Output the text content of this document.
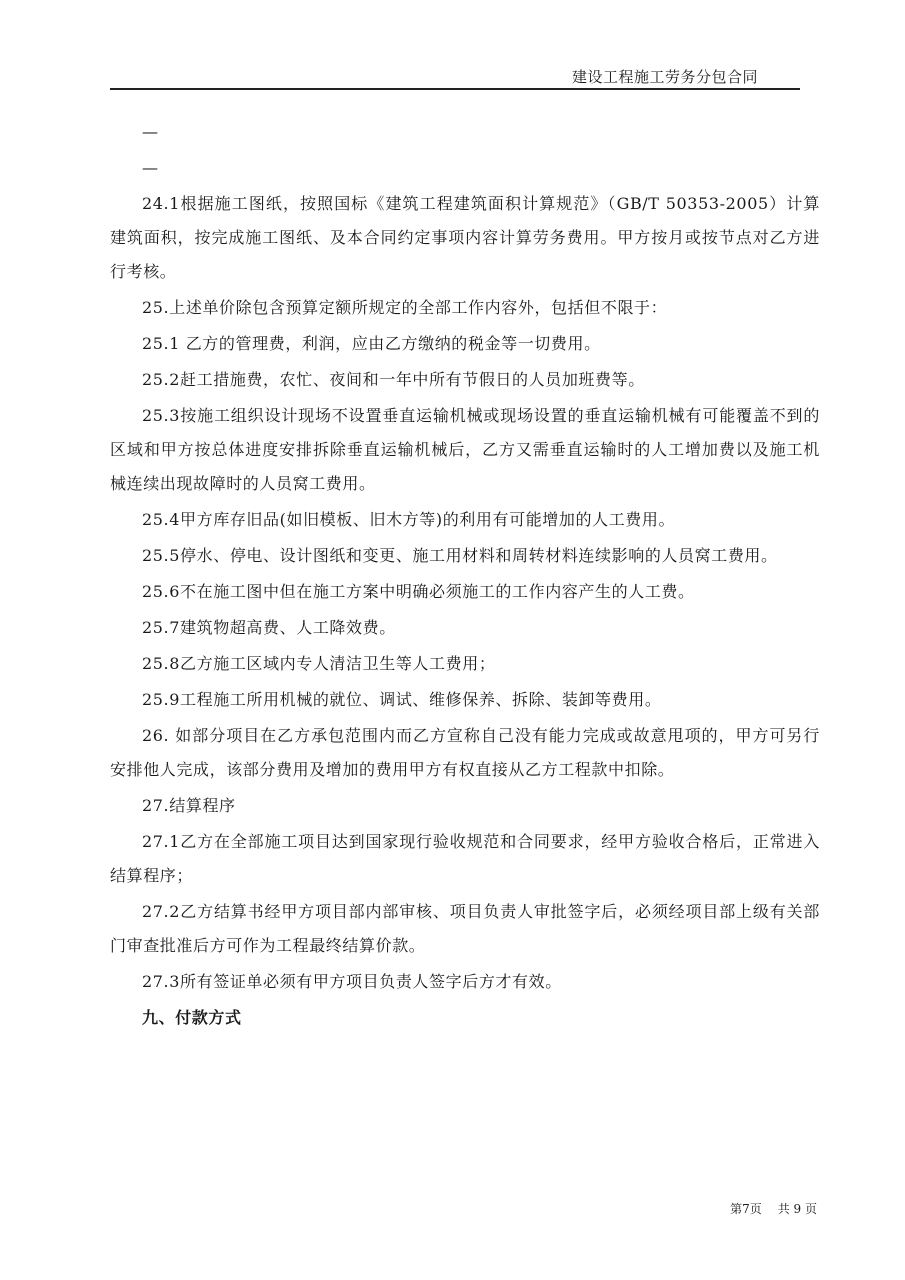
建设工程施工劳务分包合同
—
—

24.1根据施工图纸，按照国标《建筑工程建筑面积计算规范》（GB/T 50353-2005）计算建筑面积，按完成施工图纸、及本合同约定事项内容计算劳务费用。甲方按月或按节点对乙方进行考核。

25.上述单价除包含预算定额所规定的全部工作内容外，包括但不限于：

25.1 乙方的管理费，利润，应由乙方缴纳的税金等一切费用。

25.2赶工措施费，农忙、夜间和一年中所有节假日的人员加班费等。

25.3按施工组织设计现场不设置垂直运输机械或现场设置的垂直运输机械有可能覆盖不到的区域和甲方按总体进度安排拆除垂直运输机械后，乙方又需垂直运输时的人工增加费以及施工机械连续出现故障时的人员窝工费用。

25.4甲方库存旧品(如旧模板、旧木方等)的利用有可能增加的人工费用。

25.5停水、停电、设计图纸和变更、施工用材料和周转材料连续影响的人员窝工费用。

25.6不在施工图中但在施工方案中明确必须施工的工作内容产生的人工费。

25.7建筑物超高费、人工降效费。

25.8乙方施工区域内专人清洁卫生等人工费用；

25.9工程施工所用机械的就位、调试、维修保养、拆除、装卸等费用。

26. 如部分项目在乙方承包范围内而乙方宣称自己没有能力完成或故意甩项的，甲方可另行安排他人完成，该部分费用及增加的费用甲方有权直接从乙方工程款中扣除。

27.结算程序

27.1乙方在全部施工项目达到国家现行验收规范和合同要求，经甲方验收合格后，正常进入结算程序；

27.2乙方结算书经甲方项目部内部审核、项目负责人审批签字后，必须经项目部上级有关部门审查批准后方可作为工程最终结算价款。

27.3所有签证单必须有甲方项目负责人签字后方才有效。

九、付款方式
第7页 共 9 页
